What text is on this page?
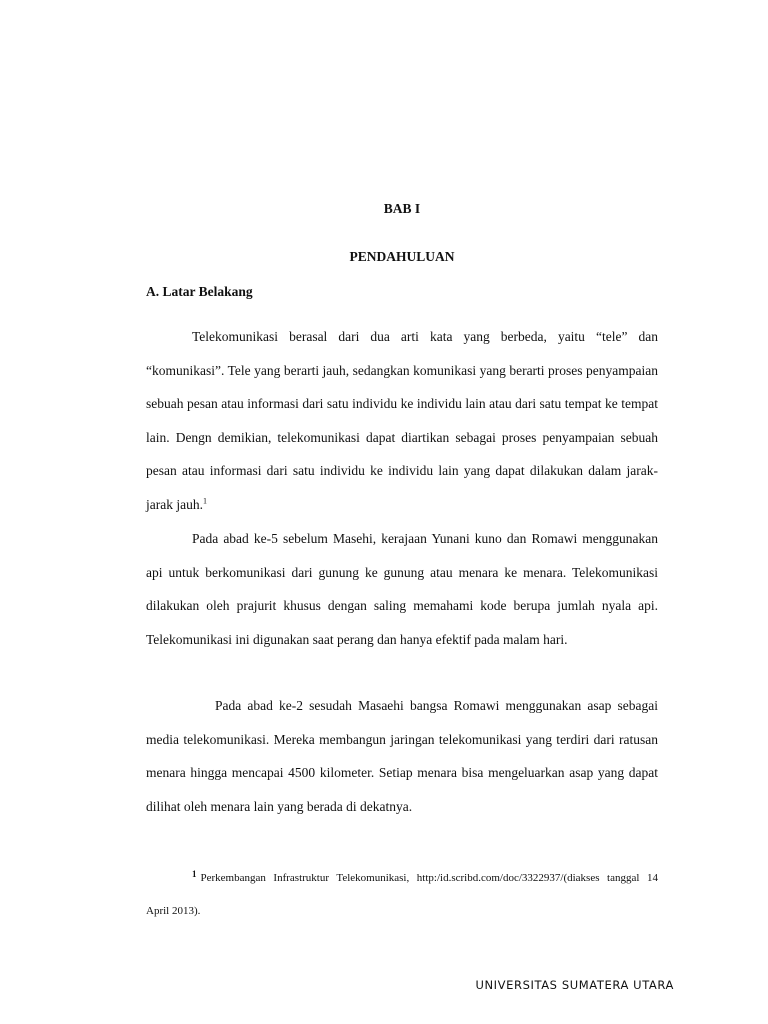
BAB I

PENDAHULUAN

A. Latar Belakang

Telekomunikasi berasal dari dua arti kata yang berbeda, yaitu “tele” dan “komunikasi”. Tele yang berarti jauh, sedangkan komunikasi yang berarti proses penyampaian sebuah pesan atau informasi dari satu individu ke individu lain atau dari satu tempat ke tempat lain. Dengn demikian, telekomunikasi dapat diartikan sebagai proses penyampaian sebuah pesan atau informasi dari satu individu ke individu lain yang dapat dilakukan dalam jarak-jarak jauh.$^1$

Pada abad ke-5 sebelum Masehi, kerajaan Yunani kuno dan Romawi menggunakan api untuk berkomunikasi dari gunung ke gunung atau menara ke menara. Telekomunikasi dilakukan oleh prajurit khusus dengan saling memahami kode berupa jumlah nyala api. Telekomunikasi ini digunakan saat perang dan hanya efektif pada malam hari.

Pada abad ke-2 sesudah Masaehi bangsa Romawi menggunakan asap sebagai media telekomunikasi. Mereka membangun jaringan telekomunikasi yang terdiri dari ratusan menara hingga mencapai 4500 kilometer. Setiap menara bisa mengeluarkan asap yang dapat dilihat oleh menara lain yang berada di dekatnya.

$^1$ Perkembangan Infrastruktur Telekomunikasi, http:/id.scribd.com/doc/3322937/(diakses tanggal 14 April 2013).

UNIVERSITAS SUMATERA UTARA
